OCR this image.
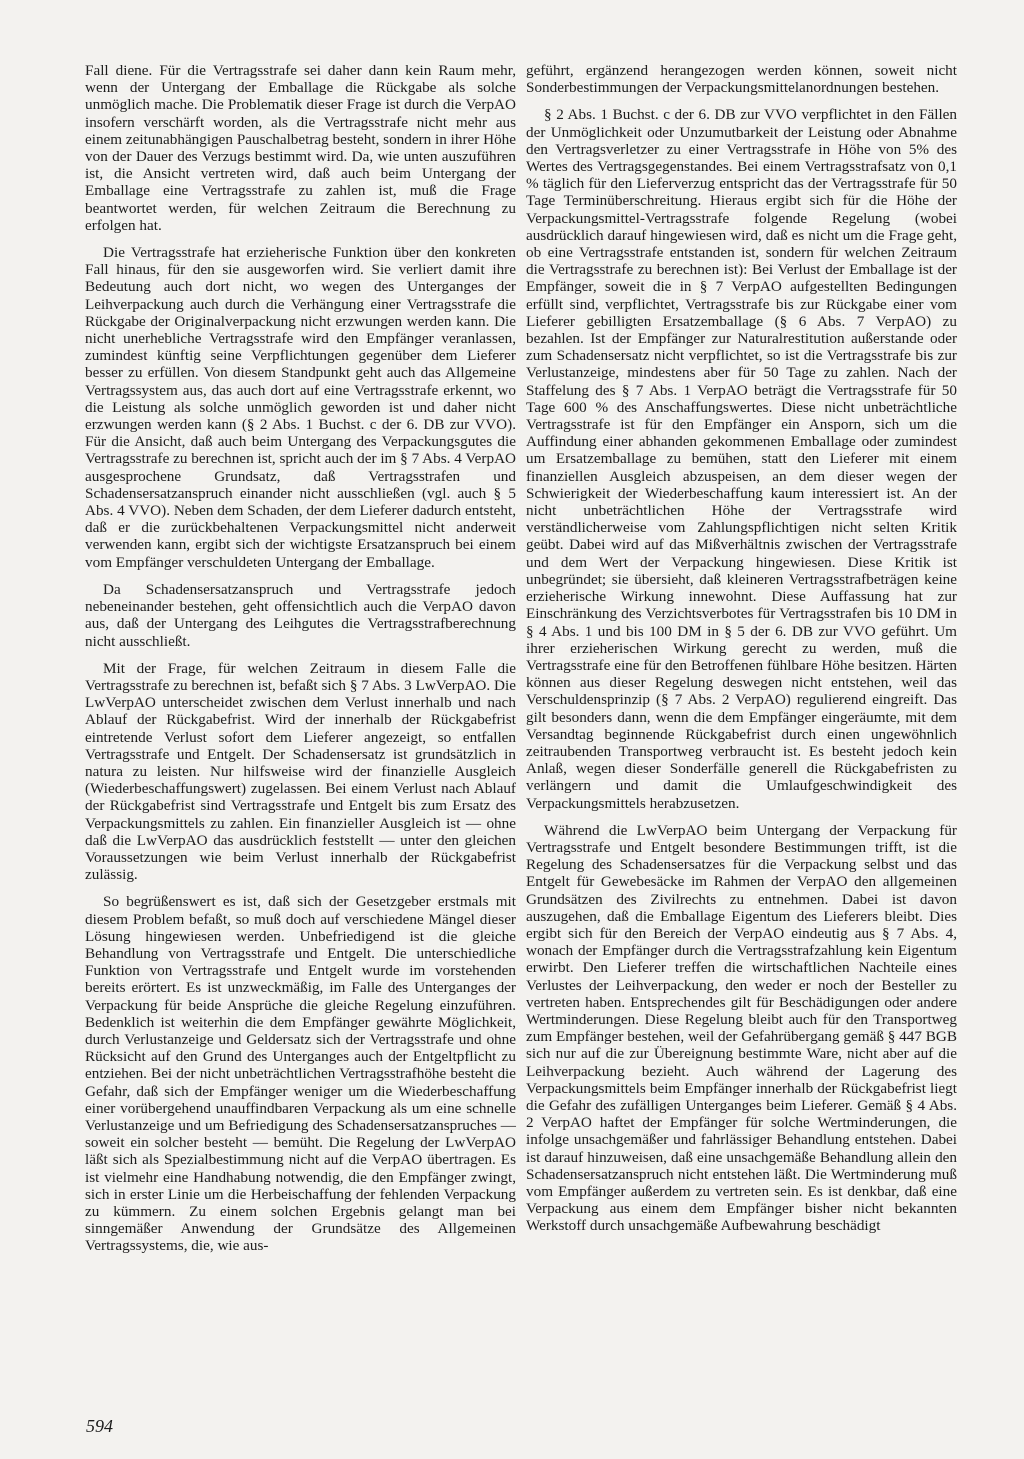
Fall diene. Für die Vertragsstrafe sei daher dann kein Raum mehr, wenn der Untergang der Emballage die Rückgabe als solche unmöglich mache. Die Problematik dieser Frage ist durch die VerpAO insofern verschärft worden, als die Vertragsstrafe nicht mehr aus einem zeitunabhängigen Pauschalbetrag besteht, sondern in ihrer Höhe von der Dauer des Verzugs bestimmt wird. Da, wie unten auszuführen ist, die Ansicht vertreten wird, daß auch beim Untergang der Emballage eine Vertragsstrafe zu zahlen ist, muß die Frage beantwortet werden, für welchen Zeitraum die Berechnung zu erfolgen hat.

Die Vertragsstrafe hat erzieherische Funktion über den konkreten Fall hinaus, für den sie ausgeworfen wird. Sie verliert damit ihre Bedeutung auch dort nicht, wo wegen des Unterganges der Leihverpackung auch durch die Verhängung einer Vertragsstrafe die Rückgabe der Originalverpackung nicht erzwungen werden kann. Die nicht unerhebliche Vertragsstrafe wird den Empfänger veranlassen, zumindest künftig seine Verpflichtungen gegenüber dem Lieferer besser zu erfüllen. Von diesem Standpunkt geht auch das Allgemeine Vertragssystem aus, das auch dort auf eine Vertragsstrafe erkennt, wo die Leistung als solche unmöglich geworden ist und daher nicht erzwungen werden kann (§ 2 Abs. 1 Buchst. c der 6. DB zur VVO). Für die Ansicht, daß auch beim Untergang des Verpackungsgutes die Vertragsstrafe zu berechnen ist, spricht auch der im § 7 Abs. 4 VerpAO ausgesprochene Grundsatz, daß Vertragsstrafen und Schadensersatzanspruch einander nicht ausschließen (vgl. auch § 5 Abs. 4 VVO). Neben dem Schaden, der dem Lieferer dadurch entsteht, daß er die zurückbehaltenen Verpackungsmittel nicht anderweit verwenden kann, ergibt sich der wichtigste Ersatzanspruch bei einem vom Empfänger verschuldeten Untergang der Emballage.

Da Schadensersatzanspruch und Vertragsstrafe jedoch nebeneinander bestehen, geht offensichtlich auch die VerpAO davon aus, daß der Untergang des Leihgutes die Vertragsstrafberechnung nicht ausschließt.

Mit der Frage, für welchen Zeitraum in diesem Falle die Vertragsstrafe zu berechnen ist, befaßt sich § 7 Abs. 3 LwVerpAO. Die LwVerpAO unterscheidet zwischen dem Verlust innerhalb und nach Ablauf der Rückgabefrist. Wird der innerhalb der Rückgabefrist eintretende Verlust sofort dem Lieferer angezeigt, so entfallen Vertragsstrafe und Entgelt. Der Schadensersatz ist grundsätzlich in natura zu leisten. Nur hilfsweise wird der finanzielle Ausgleich (Wiederbeschaffungswert) zugelassen. Bei einem Verlust nach Ablauf der Rückgabefrist sind Vertragsstrafe und Entgelt bis zum Ersatz des Verpackungsmittels zu zahlen. Ein finanzieller Ausgleich ist — ohne daß die LwVerpAO das ausdrücklich feststellt — unter den gleichen Voraussetzungen wie beim Verlust innerhalb der Rückgabefrist zulässig.

So begrüßenswert es ist, daß sich der Gesetzgeber erstmals mit diesem Problem befaßt, so muß doch auf verschiedene Mängel dieser Lösung hingewiesen werden. Unbefriedigend ist die gleiche Behandlung von Vertragsstrafe und Entgelt. Die unterschiedliche Funktion von Vertragsstrafe und Entgelt wurde im vorstehenden bereits erörtert. Es ist unzweckmäßig, im Falle des Unterganges der Verpackung für beide Ansprüche die gleiche Regelung einzuführen. Bedenklich ist weiterhin die dem Empfänger gewährte Möglichkeit, durch Verlustanzeige und Geldersatz sich der Vertragsstrafe und ohne Rücksicht auf den Grund des Unterganges auch der Entgeltpflicht zu entziehen. Bei der nicht unbeträchtlichen Vertragsstrafhöhe besteht die Gefahr, daß sich der Empfänger weniger um die Wiederbeschaffung einer vorübergehend unauffindbaren Verpackung als um eine schnelle Verlustanzeige und um Befriedigung des Schadensersatzanspruches — soweit ein solcher besteht — bemüht. Die Regelung der LwVerpAO läßt sich als Spezialbestimmung nicht auf die VerpAO übertragen. Es ist vielmehr eine Handhabung notwendig, die den Empfänger zwingt, sich in erster Linie um die Herbeischaffung der fehlenden Verpackung zu kümmern. Zu einem solchen Ergebnis gelangt man bei sinngemäßer Anwendung der Grundsätze des Allgemeinen Vertragssystems, die, wie aus-

geführt, ergänzend herangezogen werden können, soweit nicht Sonderbestimmungen der Verpackungsmittelanordnungen bestehen.

§ 2 Abs. 1 Buchst. c der 6. DB zur VVO verpflichtet in den Fällen der Unmöglichkeit oder Unzumutbarkeit der Leistung oder Abnahme den Vertragsverletzer zu einer Vertragsstrafe in Höhe von 5% des Wertes des Vertragsgegenstandes. Bei einem Vertragsstrafsatz von 0,1 % täglich für den Lieferverzug entspricht das der Vertragsstrafe für 50 Tage Terminüberschreitung. Hieraus ergibt sich für die Höhe der Verpackungsmittel-Vertragsstrafe folgende Regelung (wobei ausdrücklich darauf hingewiesen wird, daß es nicht um die Frage geht, ob eine Vertragsstrafe entstanden ist, sondern für welchen Zeitraum die Vertragsstrafe zu berechnen ist): Bei Verlust der Emballage ist der Empfänger, soweit die in § 7 VerpAO aufgestellten Bedingungen erfüllt sind, verpflichtet, Vertragsstrafe bis zur Rückgabe einer vom Lieferer gebilligten Ersatzemballage (§ 6 Abs. 7 VerpAO) zu bezahlen. Ist der Empfänger zur Naturalrestitution außerstande oder zum Schadensersatz nicht verpflichtet, so ist die Vertragsstrafe bis zur Verlustanzeige, mindestens aber für 50 Tage zu zahlen. Nach der Staffelung des § 7 Abs. 1 VerpAO beträgt die Vertragsstrafe für 50 Tage 600 % des Anschaffungswertes. Diese nicht unbeträchtliche Vertragsstrafe ist für den Empfänger ein Ansporn, sich um die Auffindung einer abhanden gekommenen Emballage oder zumindest um Ersatzemballage zu bemühen, statt den Lieferer mit einem finanziellen Ausgleich abzuspeisen, an dem dieser wegen der Schwierigkeit der Wiederbeschaffung kaum interessiert ist. An der nicht unbeträchtlichen Höhe der Vertragsstrafe wird verständlicherweise vom Zahlungspflichtigen nicht selten Kritik geübt. Dabei wird auf das Mißverhältnis zwischen der Vertragsstrafe und dem Wert der Verpackung hingewiesen. Diese Kritik ist unbegründet; sie übersieht, daß kleineren Vertragsstrafbeträgen keine erzieherische Wirkung innewohnt. Diese Auffassung hat zur Einschränkung des Verzichtsverbotes für Vertragsstrafen bis 10 DM in § 4 Abs. 1 und bis 100 DM in § 5 der 6. DB zur VVO geführt. Um ihrer erzieherischen Wirkung gerecht zu werden, muß die Vertragsstrafe eine für den Betroffenen fühlbare Höhe besitzen. Härten können aus dieser Regelung deswegen nicht entstehen, weil das Verschuldensprinzip (§ 7 Abs. 2 VerpAO) regulierend eingreift. Das gilt besonders dann, wenn die dem Empfänger eingeräumte, mit dem Versandtag beginnende Rückgabefrist durch einen ungewöhnlich zeitraubenden Transportweg verbraucht ist. Es besteht jedoch kein Anlaß, wegen dieser Sonderfälle generell die Rückgabefristen zu verlängern und damit die Umlaufgeschwindigkeit des Verpackungsmittels herabzusetzen.

Während die LwVerpAO beim Untergang der Verpackung für Vertragsstrafe und Entgelt besondere Bestimmungen trifft, ist die Regelung des Schadensersatzes für die Verpackung selbst und das Entgelt für Gewebesäcke im Rahmen der VerpAO den allgemeinen Grundsätzen des Zivilrechts zu entnehmen. Dabei ist davon auszugehen, daß die Emballage Eigentum des Lieferers bleibt. Dies ergibt sich für den Bereich der VerpAO eindeutig aus § 7 Abs. 4, wonach der Empfänger durch die Vertragsstrafzahlung kein Eigentum erwirbt. Den Lieferer treffen die wirtschaftlichen Nachteile eines Verlustes der Leihverpackung, den weder er noch der Besteller zu vertreten haben. Entsprechendes gilt für Beschädigungen oder andere Wertminderungen. Diese Regelung bleibt auch für den Transportweg zum Empfänger bestehen, weil der Gefahrübergang gemäß § 447 BGB sich nur auf die zur Übereignung bestimmte Ware, nicht aber auf die Leihverpackung bezieht. Auch während der Lagerung des Verpackungsmittels beim Empfänger innerhalb der Rückgabefrist liegt die Gefahr des zufälligen Unterganges beim Lieferer. Gemäß § 4 Abs. 2 VerpAO haftet der Empfänger für solche Wertminderungen, die infolge unsachgemäßer und fahrlässiger Behandlung entstehen. Dabei ist darauf hinzuweisen, daß eine unsachgemäße Behandlung allein den Schadensersatzanspruch nicht entstehen läßt. Die Wertminderung muß vom Empfänger außerdem zu vertreten sein. Es ist denkbar, daß eine Verpackung aus einem dem Empfänger bisher nicht bekannten Werkstoff durch unsachgemäße Aufbewahrung beschädigt

594
